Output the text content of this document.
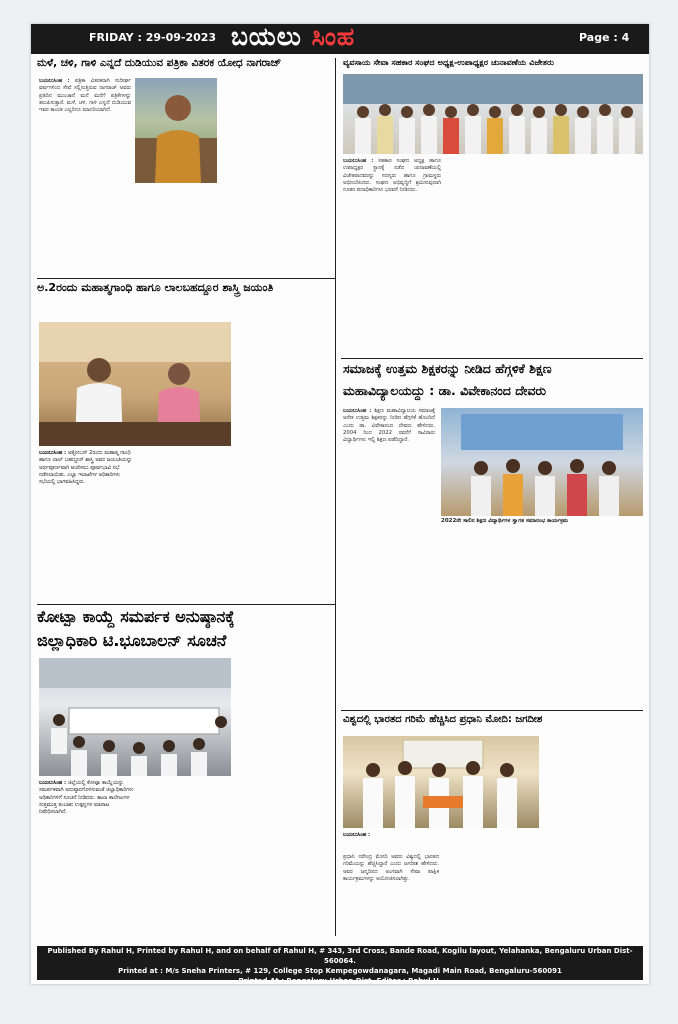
FRIDAY : 29-09-2023 ಬಯಲು ಸಿಂಹ	Page : 4
ಮಳೆ, ಚಳಿ, ಗಾಳಿ ಎನ್ನದೆ ದುಡಿಯುವ ಪತ್ರಿಕಾ ವಿತರಕ ಯೋಧ ನಾಗರಾಜ್

ಬಯಲುಸಿಂಹ : ಪತ್ರಿಕಾ ವಿತರಕರಾಗಿ ಸುದೀರ್ಘ ವರ್ಷಗಳಿಂದ ಸೇವೆ ಸಲ್ಲಿಸುತ್ತಿರುವ ನಾಗರಾಜ್ ಅವರು ಪ್ರತಿದಿನ ಮುಂಜಾನೆ ಮನೆ ಮನೆಗೆ ಪತ್ರಿಕೆಗಳನ್ನು ತಲುಪಿಸುತ್ತಾರೆ. ಮಳೆ, ಚಳಿ, ಗಾಳಿ ಎನ್ನದೆ ದುಡಿಯುವ ಇವರ ಕಾಯಕ ಎಲ್ಲರಿಗೂ ಮಾದರಿಯಾಗಿದೆ.

ವ್ಯವಸಾಯ ಸೇವಾ ಸಹಕಾರ ಸಂಘದ ಅಧ್ಯಕ್ಷ-ಉಪಾಧ್ಯಕ್ಷರ ಚುನಾವಣೆಯ ವಿಜೇತರು

ಬಯಲುಸಿಂಹ : ಸಹಕಾರ ಸಂಘದ ಅಧ್ಯಕ್ಷ ಹಾಗೂ ಉಪಾಧ್ಯಕ್ಷರ ಸ್ಥಾನಕ್ಕೆ ನಡೆದ ಚುನಾವಣೆಯಲ್ಲಿ ವಿಜೇತರಾದವರನ್ನು ಸದಸ್ಯರು ಹಾಗೂ ಗ್ರಾಮಸ್ಥರು ಅಭಿನಂದಿಸಿದರು. ಸಂಘದ ಅಭಿವೃದ್ಧಿಗೆ ಶ್ರಮಿಸುವುದಾಗಿ ನೂತನ ಪದಾಧಿಕಾರಿಗಳು ಭರವಸೆ ನೀಡಿದರು.

ಅ.2ರಂದು ಮಹಾತ್ಮಗಾಂಧಿ ಹಾಗೂ ಲಾಲಬಹದ್ದೂರ ಶಾಸ್ತ್ರಿ ಜಯಂತಿ
ಬಯಲುಸಿಂಹ : ಅಕ್ಟೋಬರ್ 2ರಂದು ಮಹಾತ್ಮ ಗಾಂಧಿ ಹಾಗೂ ಲಾಲ್ ಬಹದ್ದೂರ್ ಶಾಸ್ತ್ರಿ ಅವರ ಜಯಂತಿಯನ್ನು ಅರ್ಥಪೂರ್ಣವಾಗಿ ಆಚರಿಸಲು ಪೂರ್ವಭಾವಿ ಸಭೆ ನಡೆಸಲಾಯಿತು. ಎಲ್ಲಾ ಇಲಾಖೆಗಳ ಅಧಿಕಾರಿಗಳು ಸಭೆಯಲ್ಲಿ ಭಾಗವಹಿಸಿದ್ದರು.
ಸಮಾಜಕ್ಕೆ ಉತ್ತಮ ಶಿಕ್ಷಕರನ್ನು ನೀಡಿದ ಹೆಗ್ಗಳಿಕೆ ಶಿಕ್ಷಣ
ಮಹಾವಿದ್ಯಾಲಯದ್ದು : ಡಾ. ವಿವೇಕಾನಂದ ದೇವರು

ಬಯಲುಸಿಂಹ : ಶಿಕ್ಷಣ ಮಹಾವಿದ್ಯಾಲಯ ಸಮಾಜಕ್ಕೆ ಅನೇಕ ಉತ್ತಮ ಶಿಕ್ಷಕರನ್ನು ನೀಡಿದ ಹೆಗ್ಗಳಿಕೆ ಹೊಂದಿದೆ ಎಂದು ಡಾ. ವಿವೇಕಾನಂದ ದೇವರು ಹೇಳಿದರು. 2004 ರಿಂದ 2022 ರವರೆಗೆ ಸಾವಿರಾರು ವಿದ್ಯಾರ್ಥಿಗಳು ಇಲ್ಲಿ ಶಿಕ್ಷಣ ಪಡೆದಿದ್ದಾರೆ.

2022ನೇ ಸಾಲಿನ ಶಿಕ್ಷಣ ವಿದ್ಯಾರ್ಥಿಗಳ ಸ್ವಾಗತ ಸಮಾರಂಭ ಕಾರ್ಯಕ್ರಮ
ಕೋಟ್ಪಾ ಕಾಯ್ದೆ ಸಮರ್ಪಕ ಅನುಷ್ಠಾನಕ್ಕೆ
ಜಿಲ್ಲಾಧಿಕಾರಿ ಟಿ.ಭೂಬಾಲನ್ ಸೂಚನೆ
ಬಯಲುಸಿಂಹ : ಜಿಲ್ಲೆಯಲ್ಲಿ ಕೋಟ್ಪಾ ಕಾಯ್ದೆಯನ್ನು ಸಮರ್ಪಕವಾಗಿ ಅನುಷ್ಠಾನಗೊಳಿಸುವಂತೆ ಜಿಲ್ಲಾಧಿಕಾರಿಗಳು ಅಧಿಕಾರಿಗಳಿಗೆ ಸೂಚನೆ ನೀಡಿದರು. ಶಾಲಾ ಕಾಲೇಜುಗಳ ಸುತ್ತಮುತ್ತ ತಂಬಾಕು ಉತ್ಪನ್ನಗಳ ಮಾರಾಟ ನಿಷೇಧಿಸಲಾಗಿದೆ.
ವಿಶ್ವದಲ್ಲಿ ಭಾರತದ ಗರಿಮೆ ಹೆಚ್ಚಿಸಿದ ಪ್ರಧಾನಿ ಮೋದಿ: ಜಗದೀಶ
ಬಯಲುಸಿಂಹ :

ಪ್ರಧಾನಿ ನರೇಂದ್ರ ಮೋದಿ ಅವರು ವಿಶ್ವದಲ್ಲಿ ಭಾರತದ ಗರಿಮೆಯನ್ನು ಹೆಚ್ಚಿಸಿದ್ದಾರೆ ಎಂದು ಜಗದೀಶ ಹೇಳಿದರು. ಅವರ ಜನ್ಮದಿನದ ಅಂಗವಾಗಿ ಸೇವಾ ಪಾಕ್ಷಿಕ ಕಾರ್ಯಕ್ರಮಗಳನ್ನು ಆಯೋಜಿಸಲಾಗಿತ್ತು.

Published By Rahul H, Printed by Rahul H, and on behalf of Rahul H, # 343, 3rd Cross, Bande Road, Kogilu layout, Yelahanka, Bengaluru Urban Dist-560064.
Printed at : M/s Sneha Printers, # 129, College Stop Kempegowdanagara, Magadi Main Road, Bengaluru-560091
Printed At : Bengaluru Urban Dist. Editor : Rahul H.
